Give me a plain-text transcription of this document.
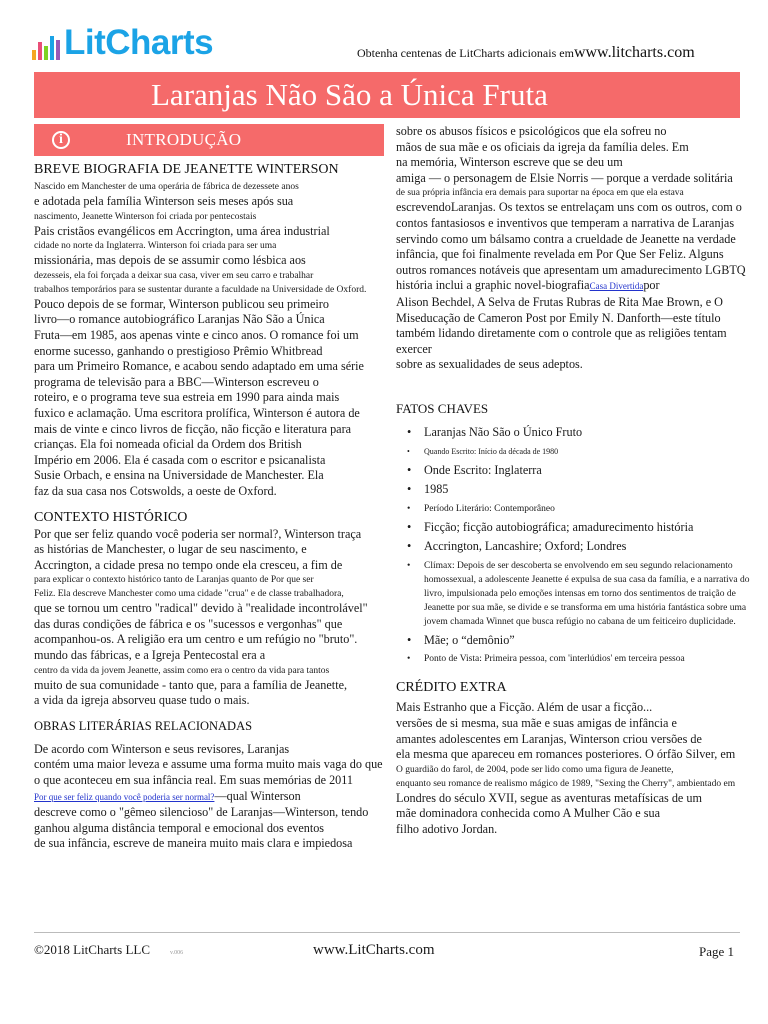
LitCharts	Obtenha centenas de LitCharts adicionais emwww.litcharts.com
Laranjas Não São a Única Fruta
i	INTRODUÇÃO

BREVE BIOGRAFIA DE JEANETTE WINTERSON

Nascido em Manchester de uma operária de fábrica de dezessete anos

e adotada pela família Winterson seis meses após sua

nascimento, Jeanette Winterson foi criada por pentecostais

Pais cristãos evangélicos em Accrington, uma área industrial

cidade no norte da Inglaterra. Winterson foi criada para ser uma

missionária, mas depois de se assumir como lésbica aos

dezesseis, ela foi forçada a deixar sua casa, viver em seu carro e trabalhar

trabalhos temporários para se sustentar durante a faculdade na Universidade de Oxford.

Pouco depois de se formar, Winterson publicou seu primeiro

livro—o romance autobiográfico Laranjas Não São a Única

Fruta—em 1985, aos apenas vinte e cinco anos. O romance foi um

enorme sucesso, ganhando o prestigioso Prêmio Whitbread

para um Primeiro Romance, e acabou sendo adaptado em uma série

programa de televisão para a BBC—Winterson escreveu o

roteiro, e o programa teve sua estreia em 1990 para ainda mais

fuxico e aclamação. Uma escritora prolífica, Winterson é autora de

mais de vinte e cinco livros de ficção, não ficção e literatura para

crianças. Ela foi nomeada oficial da Ordem dos British

Império em 2006. Ela é casada com o escritor e psicanalista

Susie Orbach, e ensina na Universidade de Manchester. Ela

faz da sua casa nos Cotswolds, a oeste de Oxford.

CONTEXTO HISTÓRICO

Por que ser feliz quando você poderia ser normal?, Winterson traça

as histórias de Manchester, o lugar de seu nascimento, e

Accrington, a cidade presa no tempo onde ela cresceu, a fim de

para explicar o contexto histórico tanto de Laranjas quanto de Por que ser

Feliz. Ela descreve Manchester como uma cidade "crua" e de classe trabalhadora,

que se tornou um centro "radical" devido à "realidade incontrolável"

das duras condições de fábrica e os "sucessos e vergonhas" que

acompanhou-os. A religião era um centro e um refúgio no "bruto".

mundo das fábricas, e a Igreja Pentecostal era a

centro da vida da jovem Jeanette, assim como era o centro da vida para tantos

muito de sua comunidade - tanto que, para a família de Jeanette,

a vida da igreja absorveu quase tudo o mais.

OBRAS LITERÁRIAS RELACIONADAS

De acordo com Winterson e seus revisores, Laranjas

contém uma maior leveza e assume uma forma muito mais vaga do que

o que aconteceu em sua infância real. Em suas memórias de 2011

Por que ser feliz quando você poderia ser normal?—qual Winterson

descreve como o "gêmeo silencioso" de Laranjas—Winterson, tendo

ganhou alguma distância temporal e emocional dos eventos

de sua infância, escreve de maneira muito mais clara e impiedosa

sobre os abusos físicos e psicológicos que ela sofreu no

mãos de sua mãe e os oficiais da igreja da família deles. Em

na memória, Winterson escreve que se deu um

amiga — o personagem de Elsie Norris — porque a verdade solitária

de sua própria infância era demais para suportar na época em que ela estava

escrevendoLaranjas. Os textos se entrelaçam uns com os outros, com o

contos fantasiosos e inventivos que temperam a narrativa de Laranjas

servindo como um bálsamo contra a crueldade de Jeanette na verdade

infância, que foi finalmente revelada em Por Que Ser Feliz. Alguns

outros romances notáveis que apresentam um amadurecimento LGBTQ

história inclui a graphic novel-biografiaCasa Divertidapor

Alison Bechdel, A Selva de Frutas Rubras de Rita Mae Brown, e O

Miseducação de Cameron Post por Emily N. Danforth—este título

também lidando diretamente com o controle que as religiões tentam exercer

sobre as sexualidades de seus adeptos.

FATOS CHAVES

• Laranjas Não São o Único Fruto
• Quando Escrito: Início da década de 1980
• Onde Escrito: Inglaterra
• 1985
• Período Literário: Contemporâneo
• Ficção; ficção autobiográfica; amadurecimento história
• Accrington, Lancashire; Oxford; Londres
• Clímax: Depois de ser descoberta se envolvendo em seu segundo relacionamento homossexual, a adolescente Jeanette é expulsa de sua casa da família, e a narrativa do livro, impulsionada pelo emoções intensas em torno dos sentimentos de traição de Jeanette por sua mãe, se divide e se transforma em uma história fantástica sobre uma jovem chamada Winnet que busca refúgio no cabana de um feiticeiro duplicidade.
• Mãe; o “demônio”
• Ponto de Vista: Primeira pessoa, com 'interlúdios' em terceira pessoa

CRÉDITO EXTRA

Mais Estranho que a Ficção. Além de usar a ficção...

versões de si mesma, sua mãe e suas amigas de infância e

amantes adolescentes em Laranjas, Winterson criou versões de

ela mesma que apareceu em romances posteriores. O órfão Silver, em

O guardião do farol, de 2004, pode ser lido como uma figura de Jeanette,

enquanto seu romance de realismo mágico de 1989, "Sexing the Cherry", ambientado em

Londres do século XVII, segue as aventuras metafísicas de um

mãe dominadora conhecida como A Mulher Cão e sua

filho adotivo Jordan.

©2018 LitCharts LLC	v.006	www.LitCharts.com	Page 1
